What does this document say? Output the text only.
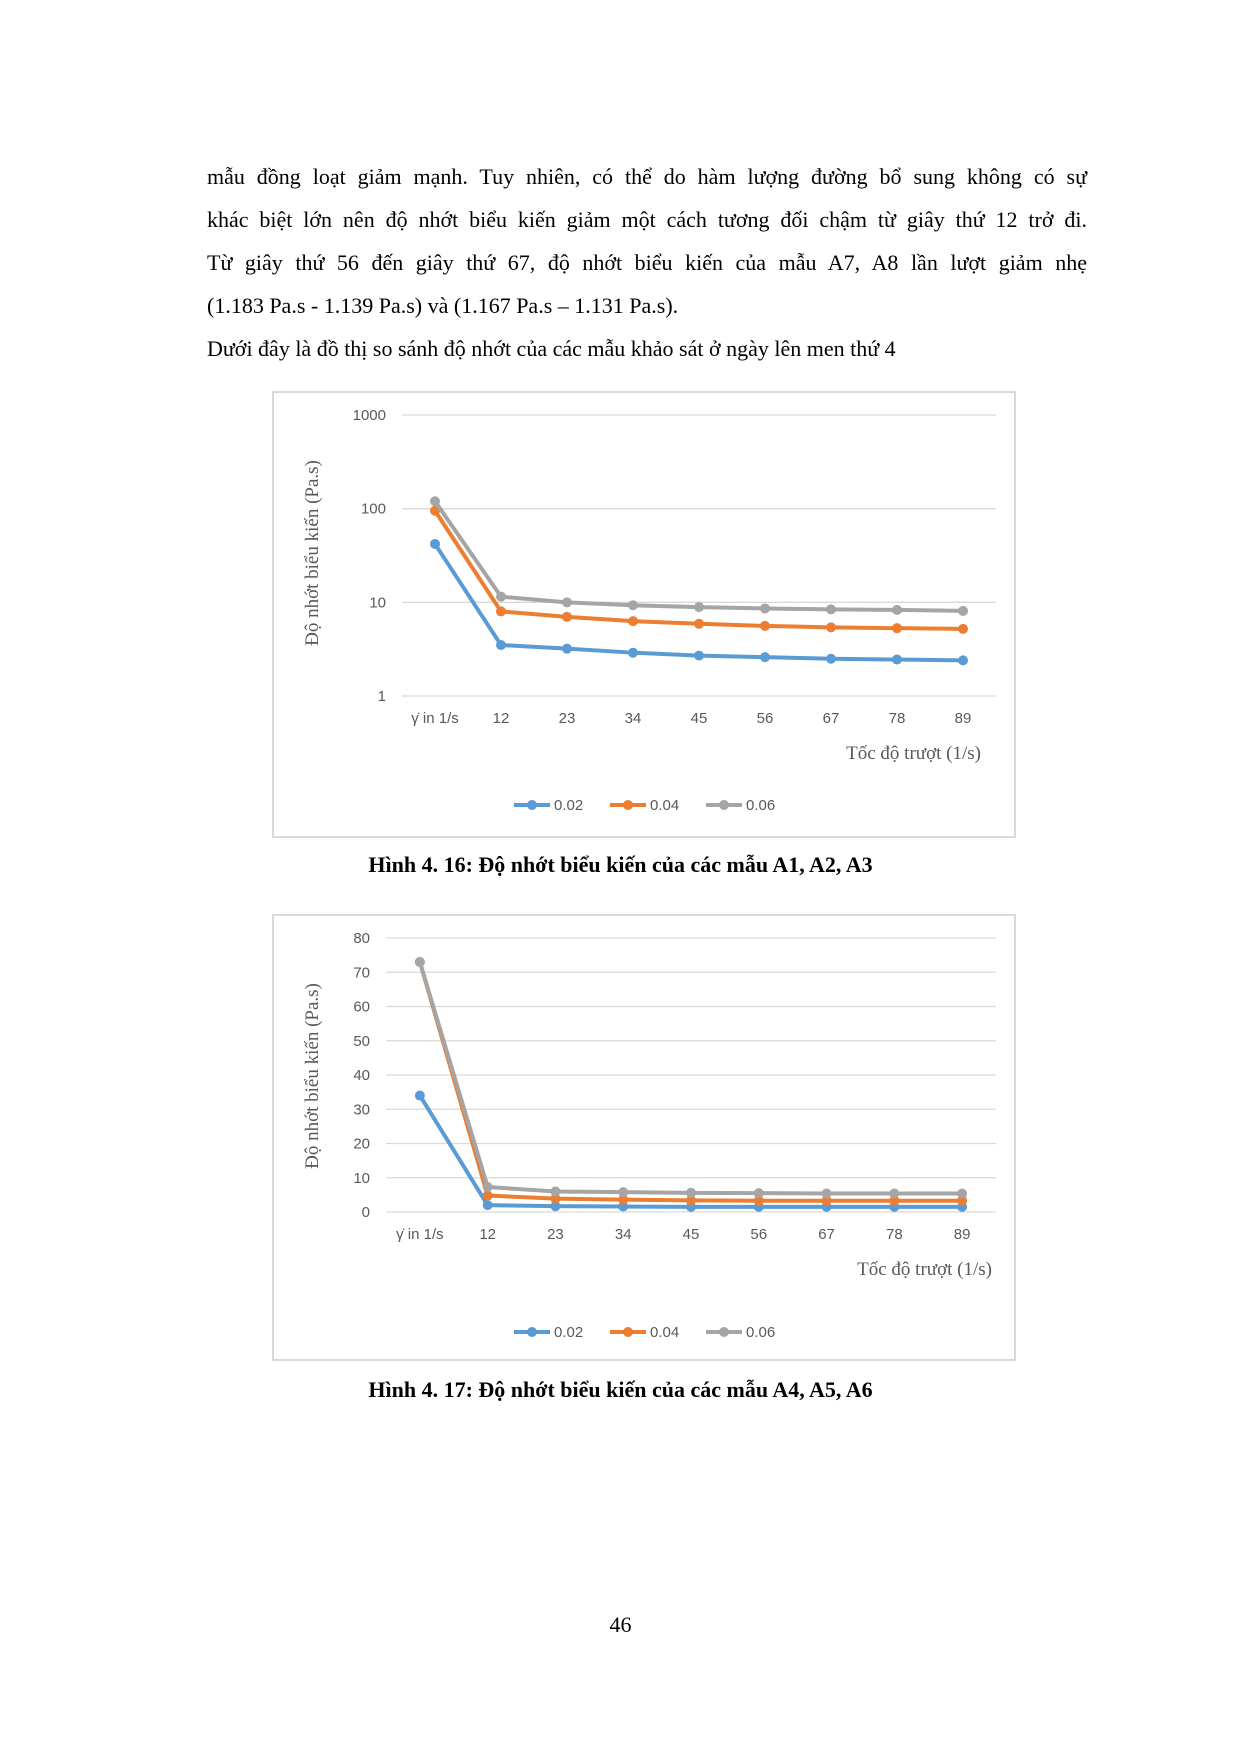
mẫu đồng loạt giảm mạnh. Tuy nhiên, có thể do hàm lượng đường bổ sung không có sự
khác biệt lớn nên độ nhớt biểu kiến giảm một cách tương đối chậm từ giây thứ 12 trở đi.
Từ giây thứ 56 đến giây thứ 67, độ nhớt biểu kiến của mẫu A7, A8 lần lượt giảm nhẹ
(1.183 Pa.s - 1.139 Pa.s) và (1.167 Pa.s – 1.131 Pa.s).
Dưới đây là đồ thị so sánh độ nhớt của các mẫu khảo sát ở ngày lên men thứ 4
1
10
100
1000
γ̇ in 1/s 12	23	34	45	56	67	78	89
Độ nhớt biểu kiến (Pa.s)
Tốc độ trượt (1/s)
0.02	0.04	0.06
Hình 4. 16: Độ nhớt biểu kiến của các mẫu A1, A2, A3
0
10
20
30
40
50
60
70
80
γ̇ in 1/s 12	23	34	45	56	67	78	89
Độ nhớt biểu kiến (Pa.s)
Tốc độ trượt (1/s)
0.02	0.04	0.06
Hình 4. 17: Độ nhớt biểu kiến của các mẫu A4, A5, A6
46
